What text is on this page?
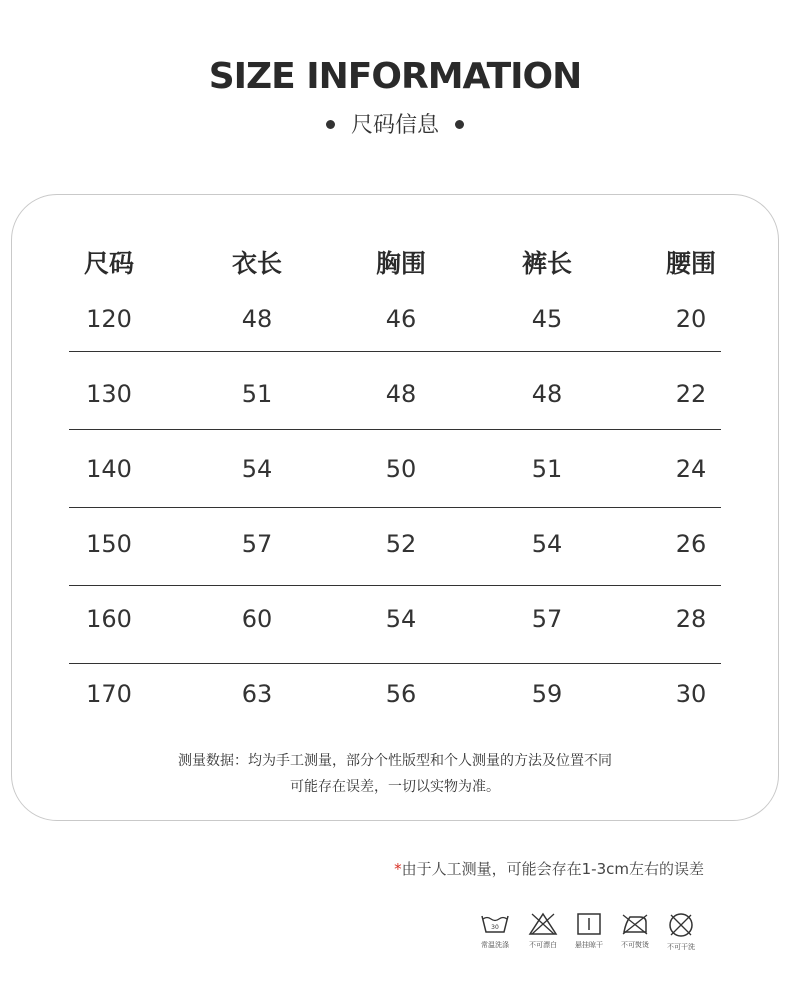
SIZE INFORMATION
尺码信息
尺码	衣长	胸围	裤长	腰围
120	48	46	45	20
130	51	48	48	22
140	54	50	51	24
150	57	52	54	26
160	60	54	57	28
170	63	56	59	30
测量数据：均为手工测量，部分个性版型和个人测量的方法及位置不同
可能存在误差，一切以实物为准。
*由于人工测量，可能会存在1-3cm左右的误差
30
常温洗涤	不可漂白	悬挂晾干	不可熨烫	不可干洗
